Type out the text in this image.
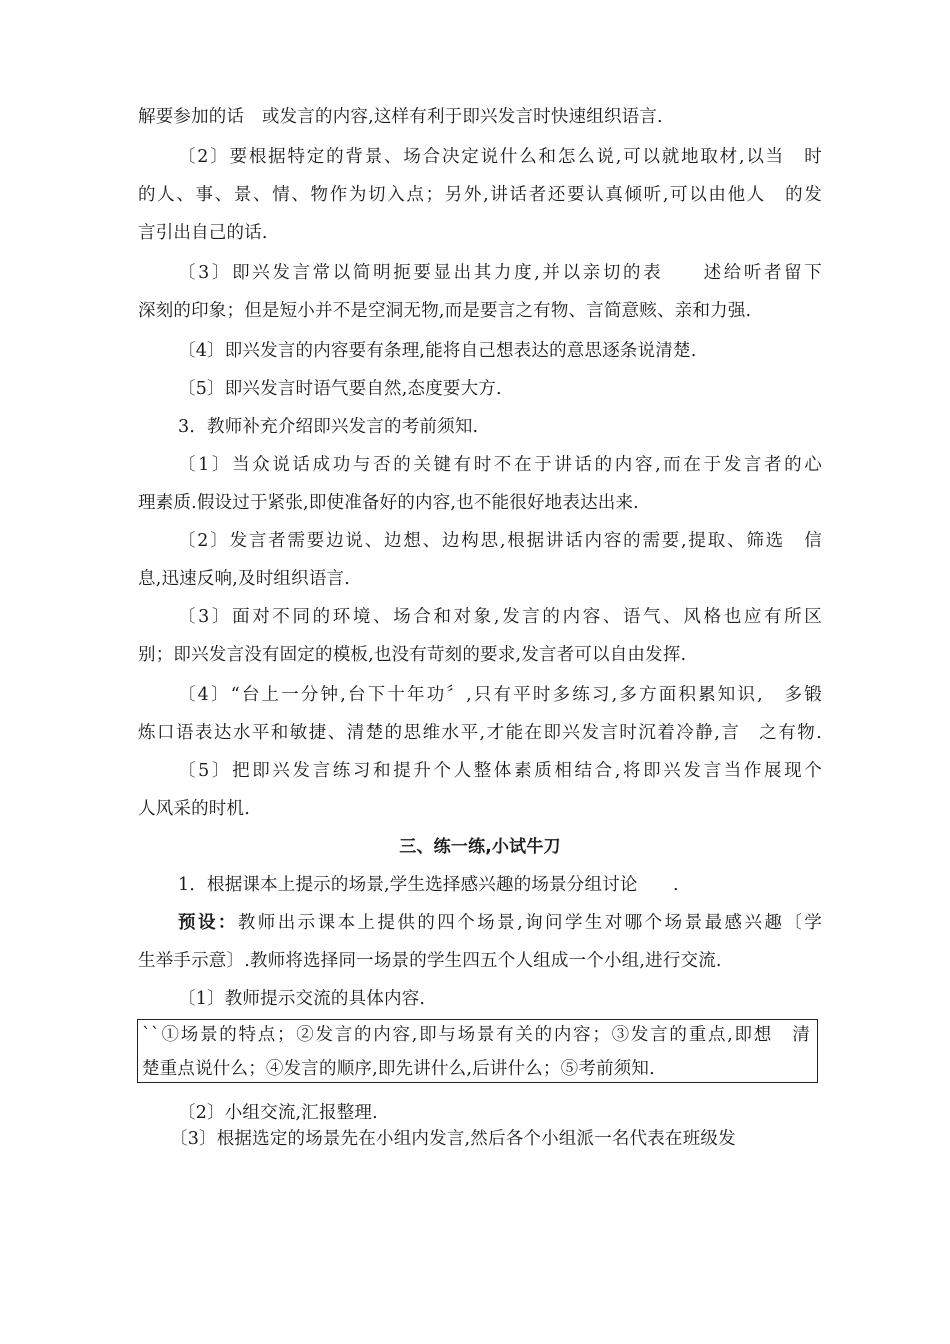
解要参加的话　或发言的内容,这样有利于即兴发言时快速组织语言.
〔2〕要根据特定的背景、场合决定说什么和怎么说,可以就地取材,以当　时
的人、事、景、情、物作为切入点；另外,讲话者还要认真倾听,可以由他人　的发
言引出自己的话.
〔3〕即兴发言常以简明扼要显出其力度,并以亲切的表　　述给听者留下
深刻的印象；但是短小并不是空洞无物,而是要言之有物、言简意赅、亲和力强.
〔4〕即兴发言的内容要有条理,能将自己想表达的意思逐条说清楚.
〔5〕即兴发言时语气要自然,态度要大方.
3．教师补充介绍即兴发言的考前须知.
〔1〕当众说话成功与否的关键有时不在于讲话的内容,而在于发言者的心
理素质.假设过于紧张,即使准备好的内容,也不能很好地表达出来.
〔2〕发言者需要边说、边想、边构思,根据讲话内容的需要,提取、筛选　信
息,迅速反响,及时组织语言.
〔3〕面对不同的环境、场合和对象,发言的内容、语气、风格也应有所区
别；即兴发言没有固定的模板,也没有苛刻的要求,发言者可以自由发挥.
〔4〕“台上一分钟,台下十年功〞,只有平时多练习,多方面积累知识,　多锻
炼口语表达水平和敏捷、清楚的思维水平,才能在即兴发言时沉着冷静,言　之有物.
〔5〕把即兴发言练习和提升个人整体素质相结合,将即兴发言当作展现个
人风采的时机.
三、练一练,小试牛刀
1．根据课本上提示的场景,学生选择感兴趣的场景分组讨论　　.
预设：教师出示课本上提供的四个场景,询问学生对哪个场景最感兴趣〔学
生举手示意〕.教师将选择同一场景的学生四五个人组成一个小组,进行交流.
〔1〕教师提示交流的具体内容.
``①场景的特点；②发言的内容,即与场景有关的内容；③发言的重点,即想　清
楚重点说什么；④发言的顺序,即先讲什么,后讲什么；⑤考前须知.
〔2〕小组交流,汇报整理.
〔3〕根据选定的场景先在小组内发言,然后各个小组派一名代表在班级发
